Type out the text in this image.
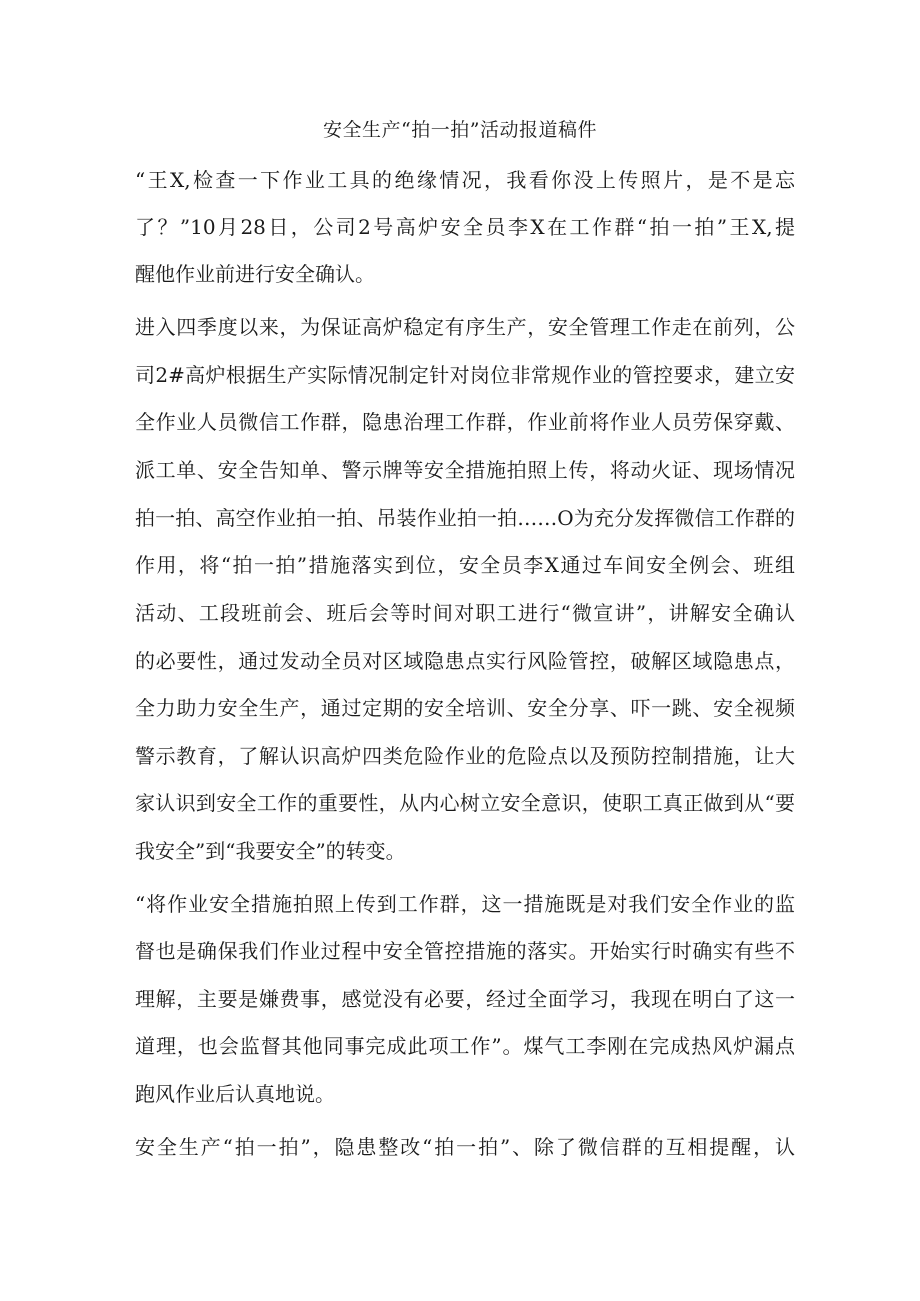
安全生产“拍一拍”活动报道稿件
“王X,检查一下作业工具的绝缘情况，我看你没上传照片，是不是忘
了？”10月28日，公司2号高炉安全员李X在工作群“拍一拍”王X,提
醒他作业前进行安全确认。
进入四季度以来，为保证高炉稳定有序生产，安全管理工作走在前列，公
司2#高炉根据生产实际情况制定针对岗位非常规作业的管控要求，建立安
全作业人员微信工作群，隐患治理工作群，作业前将作业人员劳保穿戴、
派工单、安全告知单、警示牌等安全措施拍照上传，将动火证、现场情况
拍一拍、高空作业拍一拍、吊装作业拍一拍……O为充分发挥微信工作群的
作用，将“拍一拍”措施落实到位，安全员李X通过车间安全例会、班组
活动、工段班前会、班后会等时间对职工进行“微宣讲”，讲解安全确认
的必要性，通过发动全员对区域隐患点实行风险管控，破解区域隐患点，
全力助力安全生产，通过定期的安全培训、安全分享、吓一跳、安全视频
警示教育，了解认识高炉四类危险作业的危险点以及预防控制措施，让大
家认识到安全工作的重要性，从内心树立安全意识，使职工真正做到从“要
我安全”到“我要安全”的转变。
“将作业安全措施拍照上传到工作群，这一措施既是对我们安全作业的监
督也是确保我们作业过程中安全管控措施的落实。开始实行时确实有些不
理解，主要是嫌费事，感觉没有必要，经过全面学习，我现在明白了这一
道理，也会监督其他同事完成此项工作”。煤气工李刚在完成热风炉漏点
跑风作业后认真地说。
安全生产“拍一拍”，隐患整改“拍一拍”、除了微信群的互相提醒，认
